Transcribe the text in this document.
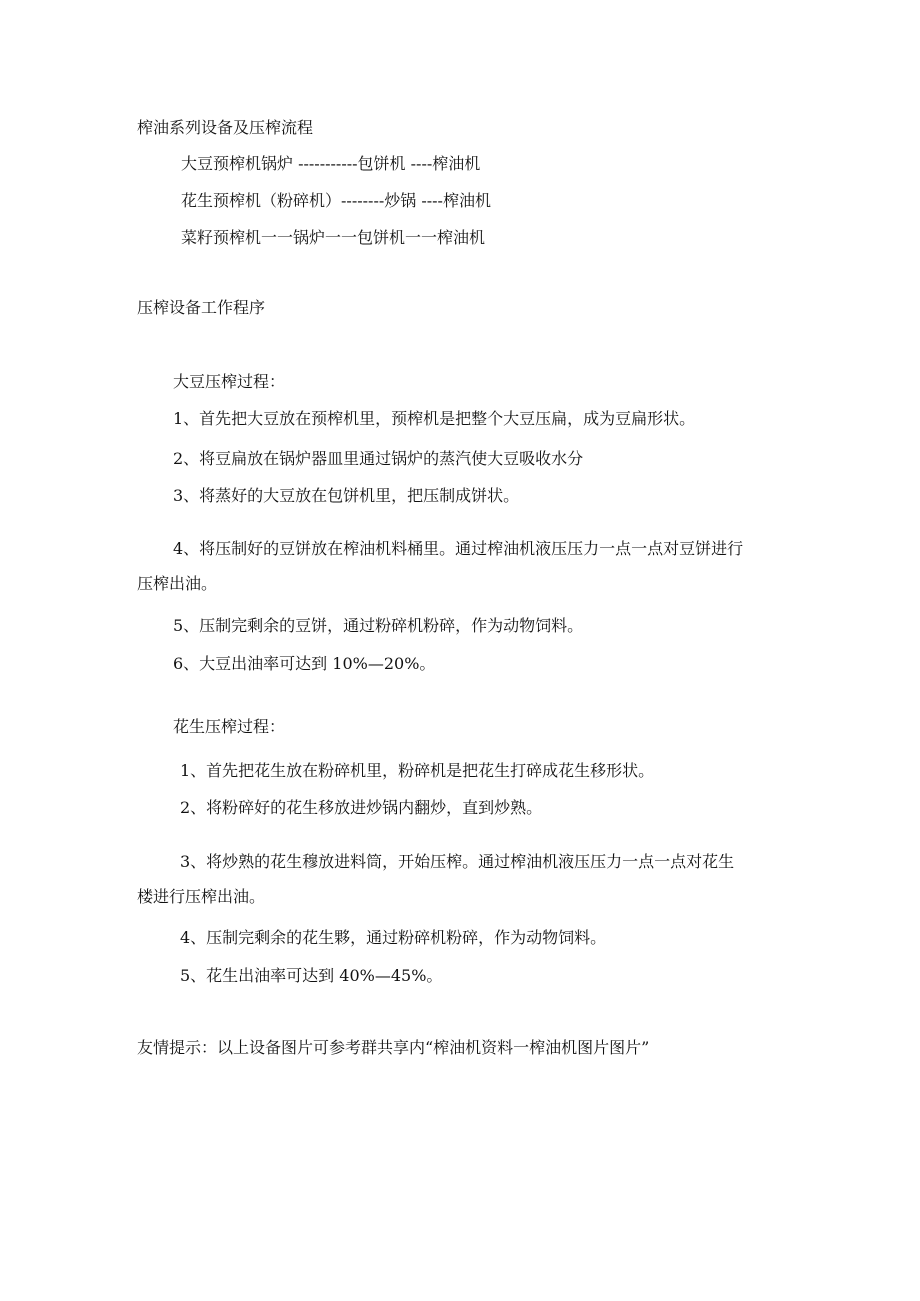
榨油系列设备及压榨流程

大豆预榨机锅炉 -----------包饼机 ----榨油机

花生预榨机（粉碎机）--------炒锅 ----榨油机

菜籽预榨机一一锅炉一一包饼机一一榨油机

压榨设备工作程序

大豆压榨过程：

1、首先把大豆放在预榨机里，预榨机是把整个大豆压扁，成为豆扁形状。

2、将豆扁放在锅炉器皿里通过锅炉的蒸汽使大豆吸收水分

3、将蒸好的大豆放在包饼机里，把压制成饼状。

4、将压制好的豆饼放在榨油机料桶里。通过榨油机液压压力一点一点对豆饼进行

压榨出油。

5、压制完剩余的豆饼，通过粉碎机粉碎，作为动物饲料。

6、大豆出油率可达到 10%—20%。

花生压榨过程：

1、首先把花生放在粉碎机里，粉碎机是把花生打碎成花生移形状。

2、将粉碎好的花生移放进炒锅内翻炒，直到炒熟。

3、将炒熟的花生穆放进料筒，开始压榨。通过榨油机液压压力一点一点对花生

楼进行压榨出油。

4、压制完剩余的花生夥，通过粉碎机粉碎，作为动物饲料。

5、花生出油率可达到 40%—45%。

友情提示：以上设备图片可参考群共享内“榨油机资料一榨油机图片图片”
